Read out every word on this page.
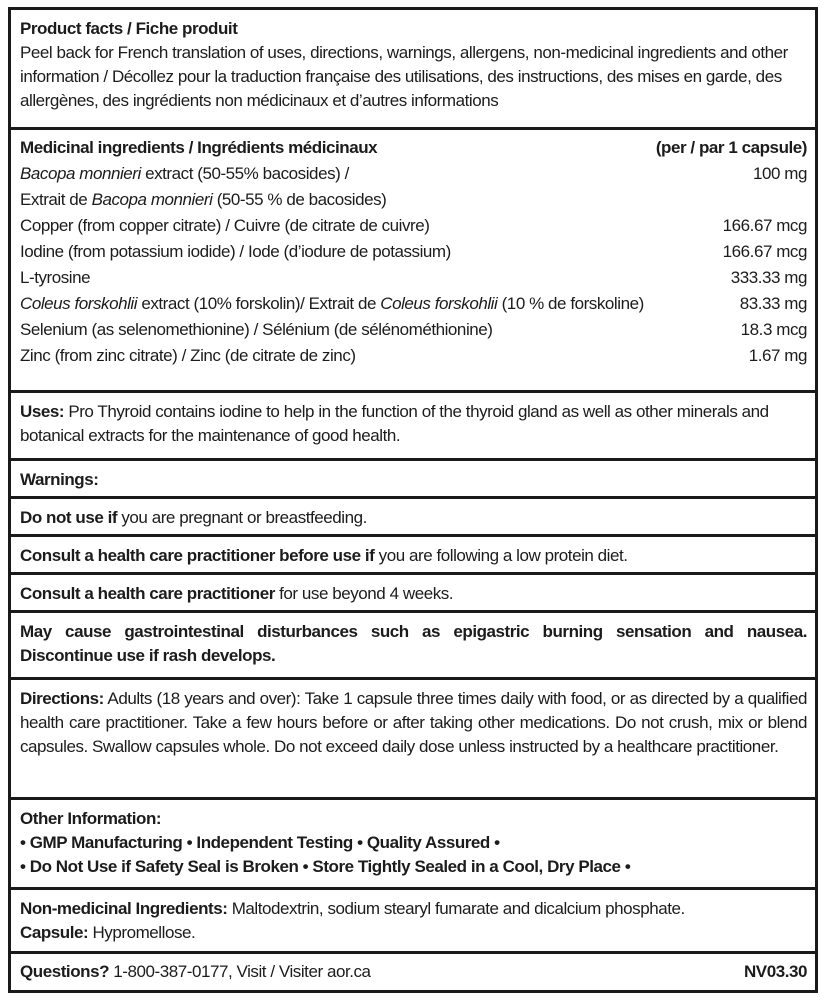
Product facts / Fiche produit
Peel back for French translation of uses, directions, warnings, allergens, non-medicinal ingredients and other information / Décollez pour la traduction française des utilisations, des instructions, des mises en garde, des allergènes, des ingrédients non médicinaux et d’autres informations
Medicinal ingredients / Ingrédients médicinaux	(per / par 1 capsule)
Bacopa monnieri extract (50-55% bacosides) /	100 mg
Extrait de Bacopa monnieri (50-55 % de bacosides)
Copper (from copper citrate) / Cuivre (de citrate de cuivre)	166.67 mcg
Iodine (from potassium iodide) / Iode (d’iodure de potassium)	166.67 mcg
L-tyrosine	333.33 mg
Coleus forskohlii extract (10% forskolin)/ Extrait de Coleus forskohlii (10 % de forskoline)	83.33 mg
Selenium (as selenomethionine) / Sélénium (de sélénométhionine)	18.3 mcg
Zinc (from zinc citrate) / Zinc (de citrate de zinc)	1.67 mg
Uses: Pro Thyroid contains iodine to help in the function of the thyroid gland as well as other minerals and botanical extracts for the maintenance of good health.
Warnings:
Do not use if you are pregnant or breastfeeding.
Consult a health care practitioner before use if you are following a low protein diet.
Consult a health care practitioner for use beyond 4 weeks.
May cause gastrointestinal disturbances such as epigastric burning sensation and nausea. Discontinue use if rash develops.
Directions: Adults (18 years and over): Take 1 capsule three times daily with food, or as directed by a qualified health care practitioner. Take a few hours before or after taking other medications. Do not crush, mix or blend capsules. Swallow capsules whole. Do not exceed daily dose unless instructed by a healthcare practitioner.
Other Information:
• GMP Manufacturing • Independent Testing • Quality Assured •
• Do Not Use if Safety Seal is Broken • Store Tightly Sealed in a Cool, Dry Place •
Non-medicinal Ingredients: Maltodextrin, sodium stearyl fumarate and dicalcium phosphate.
Capsule: Hypromellose.
Questions? 1-800-387-0177, Visit / Visiter aor.ca	NV03.30
